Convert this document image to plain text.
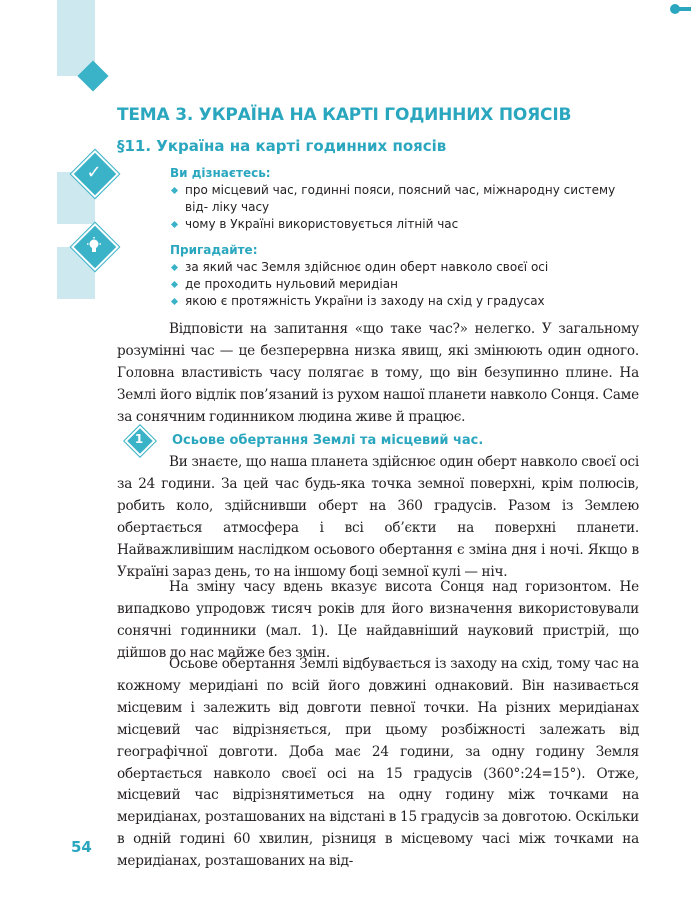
✓
ТЕМА 3. УКРАЇНА НА КАРТІ ГОДИННИХ ПОЯСІВ
§11. Україна на карті годинних поясів
Ви дізнаєтесь:
про місцевий час, годинні пояси, поясний час, міжнародну систему від- ліку часу
чому в Україні використовується літній час
Пригадайте:
за який час Земля здійснює один оберт навколо своєї осі
де проходить нульовий меридіан
якою є протяжність України із заходу на схід у градусах

Відповісти на запитання «що таке час?» нелегко. У загальному розумінні час — це безперервна низка явищ, які змінюють один одного. Головна властивість часу полягає в тому, що він безупинно плине. На Землі його відлік пов’язаний із рухом нашої планети навколо Сонця. Саме за сонячним годинником людина живе й працює.

1	Осьове обертання Землі та місцевий час.

Ви знаєте, що наша планета здійснює один оберт навколо своєї осі за 24 години. За цей час будь-яка точка земної поверхні, крім полюсів, робить коло, здійснивши оберт на 360 градусів. Разом із Землею обертається атмосфера і всі об’єкти на поверхні планети. Найважливішим наслідком осьового обертання є зміна дня і ночі. Якщо в Україні зараз день, то на іншому боці земної кулі — ніч.

На зміну часу вдень вказує висота Сонця над горизонтом. Не випадково упродовж тисяч років для його визначення використовували сонячні годинники (мал. 1). Це найдавніший науковий пристрій, що дійшов до нас майже без змін.

Осьове обертання Землі відбувається із заходу на схід, тому час на кожному меридіані по всій його довжині однаковий. Він називається місцевим і залежить від довготи певної точки. На різних меридіанах місцевий час відрізняється, при цьому розбіжності залежать від географічної довготи. Доба має 24 години, за одну годину Земля обертається навколо своєї осі на 15 градусів (360°:24=15°). Отже, місцевий час відрізнятиметься на одну годину між точками на меридіанах, розташованих на відстані в 15 градусів за довготою. Оскільки в одній годині 60 хвилин, різниця в місцевому часі між точками на меридіанах, розташованих на від-

54
